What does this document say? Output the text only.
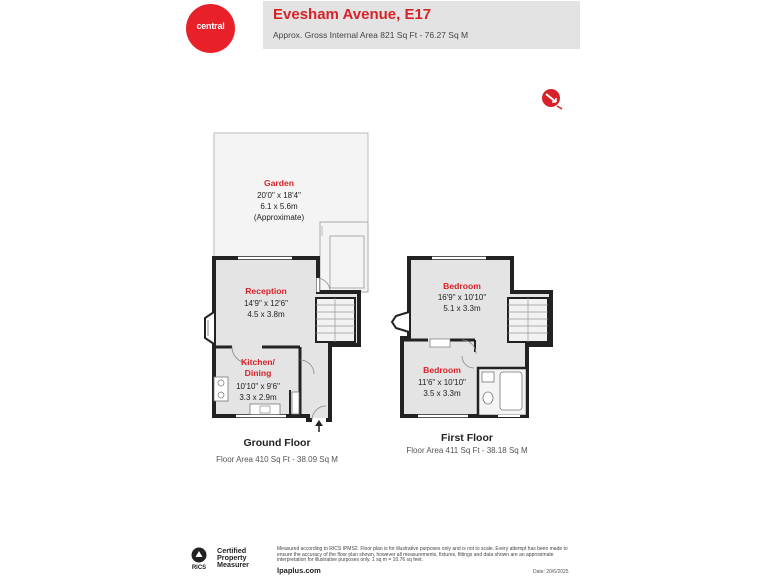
central
Evesham Avenue, E17
Approx. Gross Internal Area 821 Sq Ft - 76.27 Sq M
Garden
20'0" x 18'4"
6.1 x 5.6m
(Approximate)
Reception
14'9" x 12'6"
4.5 x 3.8m
Kitchen/
Dining
10'10" x 9'6"
3.3 x 2.9m
Bedroom
16'9" x 10'10"
5.1 x 3.3m
Bedroom
11'6" x 10'10"
3.5 x 3.3m
Ground Floor
Floor Area 410 Sq Ft - 38.09 Sq M
First Floor
Floor Area 411 Sq Ft - 38.18 Sq M
RICS
Certified
Property
Measurer
Measured according to RICS IPMS2. Floor plan is for illustrative purposes only and is not to scale. Every attempt has been made to ensure the accuracy of the floor plan shown, however all measurements, fixtures, fittings and data shown are an approximate interpretation for illustrative purposes only. 1 sq m = 10.76 sq feet.
lpaplus.com	Date: 20/6/2025
